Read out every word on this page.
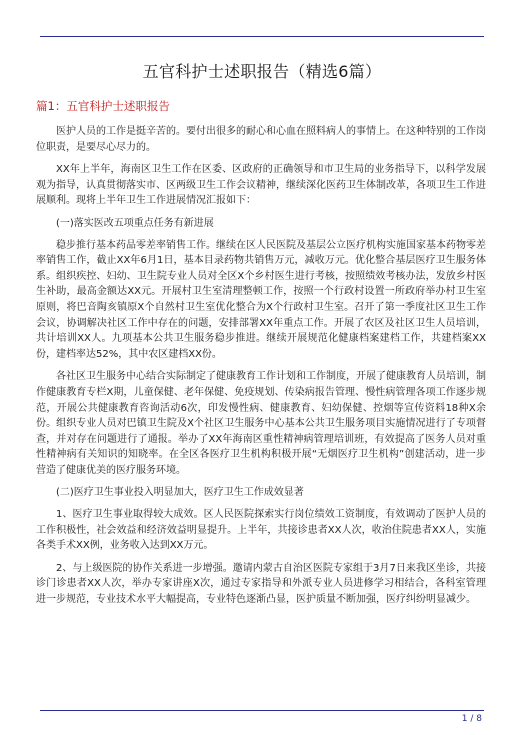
五官科护士述职报告（精选6篇）
篇1：五官科护士述职报告

医护人员的工作是挺辛苦的。要付出很多的耐心和心血在照料病人的事情上。在这种特别的工作岗位职责，是要尽心尽力的。

XX年上半年，海南区卫生工作在区委、区政府的正确领导和市卫生局的业务指导下，以科学发展观为指导，认真贯彻落实市、区两级卫生工作会议精神，继续深化医药卫生体制改革，各项卫生工作进展顺利。现将上半年卫生工作进展情况汇报如下：

(一)落实医改五项重点任务有新进展

稳步推行基本药品零差率销售工作。继续在区人民医院及基层公立医疗机构实施国家基本药物零差率销售工作，截止XX年6月1日，基本目录药物共销售万元，减收万元。优化整合基层医疗卫生服务体系。组织疾控、妇幼、卫生院专业人员对全区X个乡村医生进行考核，按照绩效考核办法，发放乡村医生补助，最高金额达XX元。开展村卫生室清理整顿工作，按照一个行政村设置一所政府举办村卫生室原则，将巴音陶亥镇原X个自然村卫生室优化整合为X个行政村卫生室。召开了第一季度社区卫生工作会议，协调解决社区工作中存在的问题，安排部署XX年重点工作。开展了农区及社区卫生人员培训，共计培训XX人。九项基本公共卫生服务稳步推进。继续开展规范化健康档案建档工作，共建档案XX份，建档率达52%，其中农区建档XX份。

各社区卫生服务中心结合实际制定了健康教育工作计划和工作制度，开展了健康教育人员培训，制作健康教育专栏X期，儿童保健、老年保健、免疫规划、传染病报告管理、慢性病管理各项工作逐步规范，开展公共健康教育咨询活动6次，印发慢性病、健康教育、妇幼保健、控烟等宣传资料18种X余份。组织专业人员对巴镇卫生院及X个社区卫生服务中心基本公共卫生服务项目实施情况进行了专项督查，并对存在问题进行了通报。举办了XX年海南区重性精神病管理培训班，有效提高了医务人员对重性精神病有关知识的知晓率。在全区各医疗卫生机构积极开展“无烟医疗卫生机构”创建活动，进一步营造了健康优美的医疗服务环境。

(二)医疗卫生事业投入明显加大，医疗卫生工作成效显著

1、医疗卫生事业取得较大成效。区人民医院探索实行岗位绩效工资制度，有效调动了医护人员的工作积极性，社会效益和经济效益明显提升。上半年，共接诊患者XX人次，收治住院患者XX人，实施各类手术XX例，业务收入达到XX万元。

2、与上级医院的协作关系进一步增强。邀请内蒙古自治区医院专家组于3月7日来我区坐诊，共接诊门诊患者XX人次，举办专家讲座X次，通过专家指导和外派专业人员进修学习相结合，各科室管理进一步规范，专业技术水平大幅提高，专业特色逐渐凸显，医护质量不断加强，医疗纠纷明显减少。

1 / 8
